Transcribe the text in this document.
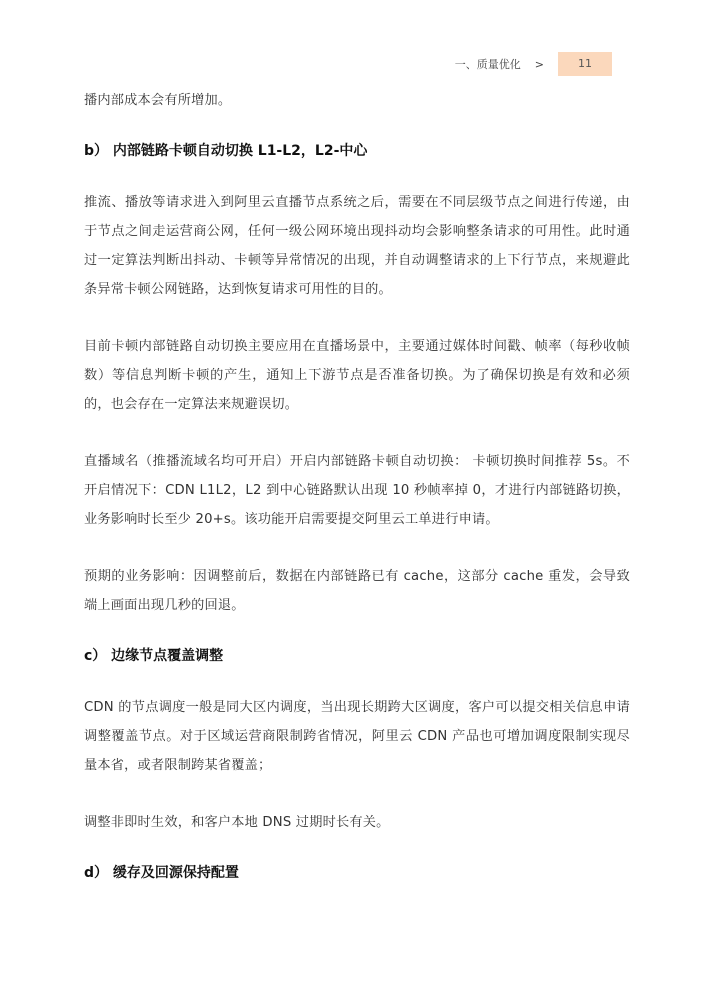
一、质量优化 >	11

播内部成本会有所增加。

b） 内部链路卡顿自动切换 L1-L2，L2-中心

推流、播放等请求进入到阿里云直播节点系统之后，需要在不同层级节点之间进行传递，由于节点之间走运营商公网，任何一级公网环境出现抖动均会影响整条请求的可用性。此时通过一定算法判断出抖动、卡顿等异常情况的出现，并自动调整请求的上下行节点，来规避此条异常卡顿公网链路，达到恢复请求可用性的目的。

目前卡顿内部链路自动切换主要应用在直播场景中，主要通过媒体时间戳、帧率（每秒收帧数）等信息判断卡顿的产生，通知上下游节点是否准备切换。为了确保切换是有效和必须的，也会存在一定算法来规避误切。

直播域名（推播流域名均可开启）开启内部链路卡顿自动切换： 卡顿切换时间推荐 5s。不开启情况下：CDN L1L2，L2 到中心链路默认出现 10 秒帧率掉 0，才进行内部链路切换，业务影响时长至少 20+s。该功能开启需要提交阿里云工单进行申请。

预期的业务影响：因调整前后，数据在内部链路已有 cache，这部分 cache 重发，会导致端上画面出现几秒的回退。

c） 边缘节点覆盖调整

CDN 的节点调度一般是同大区内调度，当出现长期跨大区调度，客户可以提交相关信息申请调整覆盖节点。对于区域运营商限制跨省情况，阿里云 CDN 产品也可增加调度限制实现尽量本省，或者限制跨某省覆盖；

调整非即时生效，和客户本地 DNS 过期时长有关。

d） 缓存及回源保持配置
